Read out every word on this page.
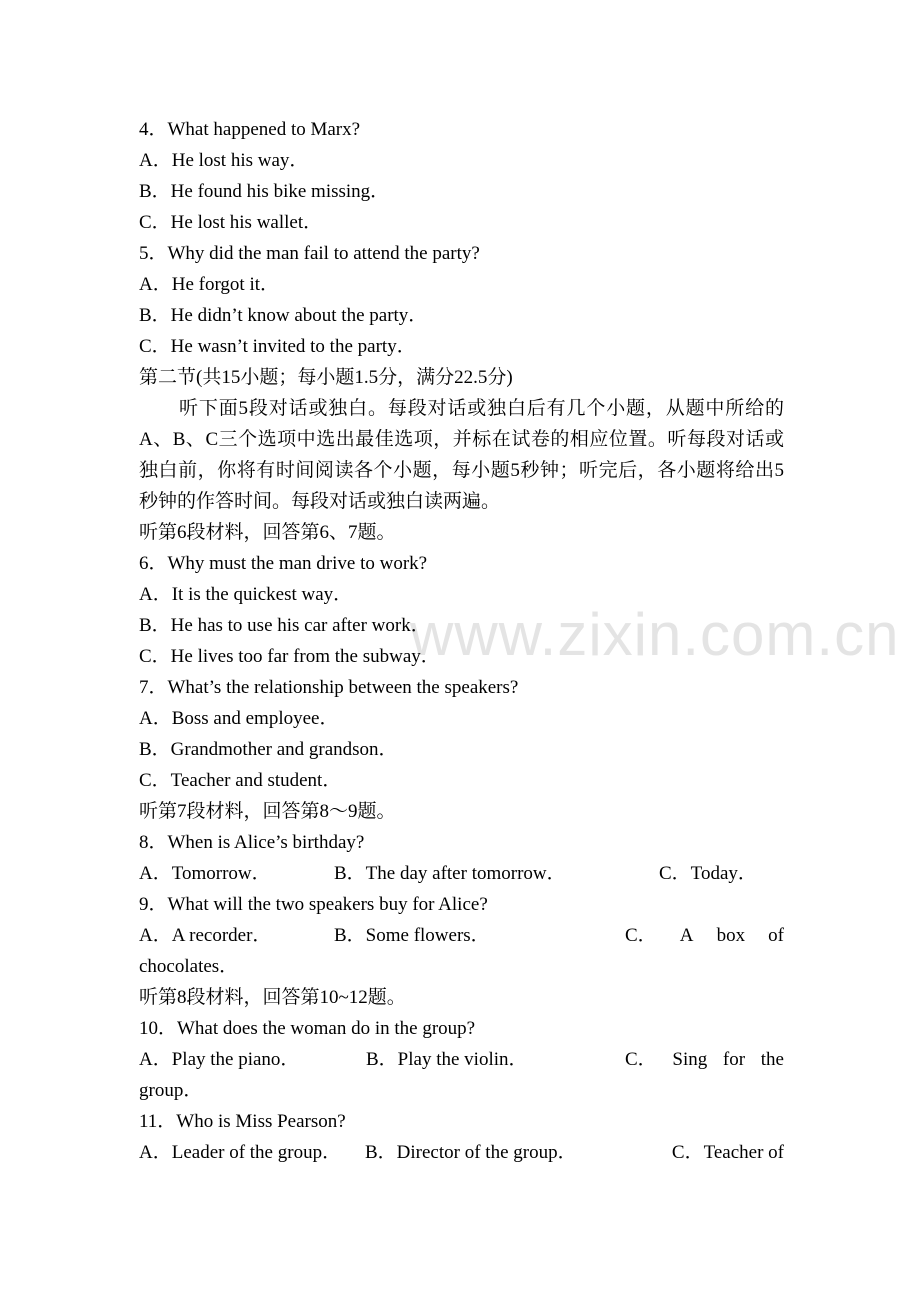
www.zixin.com.cn
4．What happened to Marx?
A．He lost his way．
B．He found his bike missing．
C．He lost his wallet．
5．Why did the man fail to attend the party?
A．He forgot it．
B．He didn’t know about the party．
C．He wasn’t invited to the party．
第二节(共15小题；每小题1.5分，满分22.5分)
听下面5段对话或独白。每段对话或独白后有几个小题，从题中所给的A、B、C三个选项中选出最佳选项，并标在试卷的相应位置。听每段对话或独白前，你将有时间阅读各个小题，每小题5秒钟；听完后，各小题将给出5秒钟的作答时间。每段对话或独白读两遍。
听第6段材料，回答第6、7题。
6．Why must the man drive to work?
A．It is the quickest way．
B．He has to use his car after work．
C．He lives too far from the subway．
7．What’s the relationship between the speakers?
A．Boss and employee．
B．Grandmother and grandson．
C．Teacher and student．
听第7段材料，回答第8～9题。
8．When is Alice’s birthday?
A．Tomorrow．	B．The day after tomorrow．	C．Today．
9．What will the two speakers buy for Alice?
A．A recorder．	B．Some flowers．	C． A box of
chocolates．
听第8段材料，回答第10~12题。
10．What does the woman do in the group?
A．Play the piano．	B．Play the violin．	C． Sing for the
group．
11．Who is Miss Pearson?
A．Leader of the group．	B．Director of the group．	C．Teacher of
